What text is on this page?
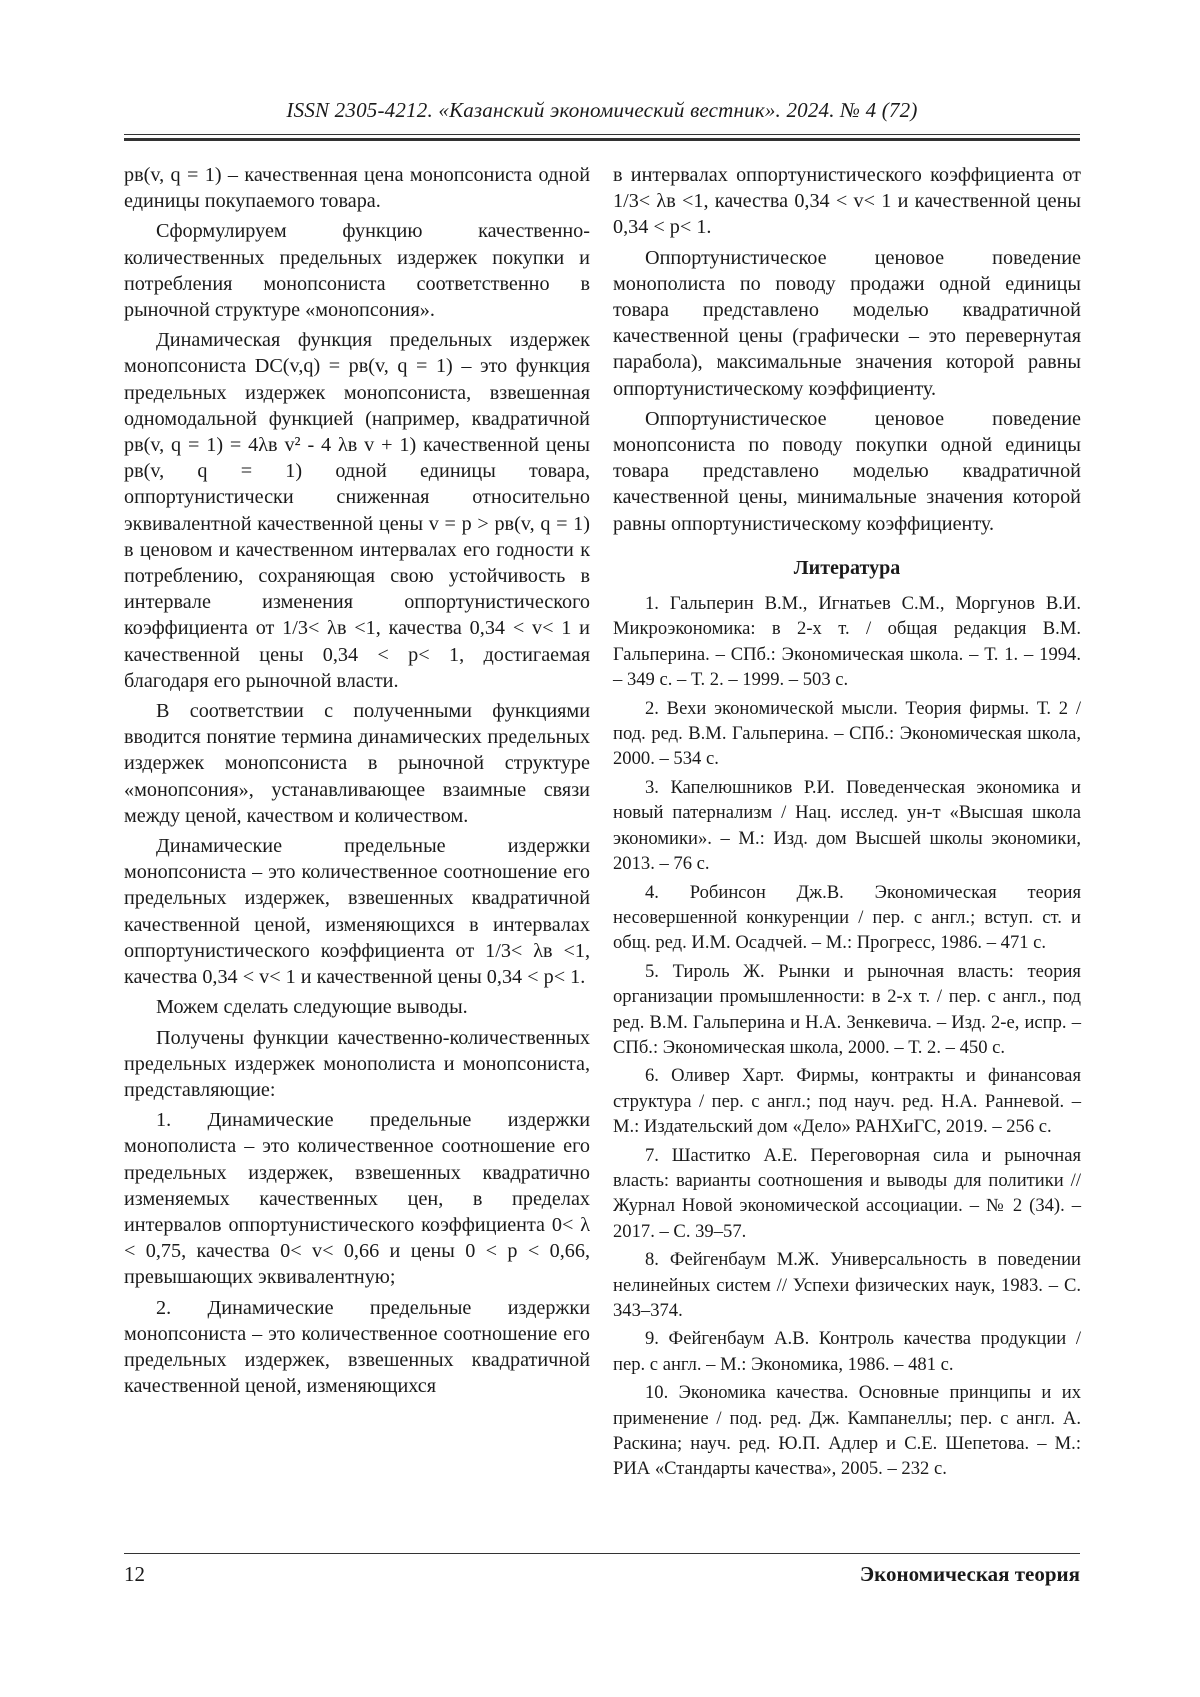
ISSN 2305-4212. «Казанский экономический вестник». 2024. № 4 (72)

рв(v, q = 1) – качественная цена монопсониста одной единицы покупаемого товара.

Сформулируем функцию качественно-количественных предельных издержек покупки и потребления монопсониста соответственно в рыночной структуре «монопсония».

Динамическая функция предельных издержек монопсониста DC(v,q) = рв(v, q = 1) – это функция предельных издержек монопсониста, взвешенная одномодальной функцией (например, квадратичной рв(v, q = 1) = 4λв v² - 4 λв v + 1) качественной цены рв(v, q = 1) одной единицы товара, оппортунистически сниженная относительно эквивалентной качественной цены v = р > рв(v, q = 1) в ценовом и качественном интервалах его годности к потреблению, сохраняющая свою устойчивость в интервале изменения оппортунистического коэффициента от 1/3< λв <1, качества 0,34 < v< 1 и качественной цены 0,34 < р< 1, достигаемая благодаря его рыночной власти.

В соответствии с полученными функциями вводится понятие термина динамических предельных издержек монопсониста в рыночной структуре «монопсония», устанавливающее взаимные связи между ценой, качеством и количеством.

Динамические предельные издержки монопсониста – это количественное соотношение его предельных издержек, взвешенных квадратичной качественной ценой, изменяющихся в интервалах оппортунистического коэффициента от 1/3< λв <1, качества 0,34 < v< 1 и качественной цены 0,34 < р< 1.

Можем сделать следующие выводы.

Получены функции качественно-количественных предельных издержек монополиста и монопсониста, представляющие:

1. Динамические предельные издержки монополиста – это количественное соотношение его предельных издержек, взвешенных квадратично изменяемых качественных цен, в пределах интервалов оппортунистического коэффициента 0< λ < 0,75, качества 0< v< 0,66 и цены 0 < р < 0,66, превышающих эквивалентную;

2. Динамические предельные издержки монопсониста – это количественное соотношение его предельных издержек, взвешенных квадратичной качественной ценой, изменяющихся

в интервалах оппортунистического коэффициента от 1/3< λв <1, качества 0,34 < v< 1 и качественной цены 0,34 < р< 1.

Оппортунистическое ценовое поведение монополиста по поводу продажи одной единицы товара представлено моделью квадратичной качественной цены (графически – это перевернутая парабола), максимальные значения которой равны оппортунистическому коэффициенту.

Оппортунистическое ценовое поведение монопсониста по поводу покупки одной единицы товара представлено моделью квадратичной качественной цены, минимальные значения которой равны оппортунистическому коэффициенту.

Литература

1. Гальперин В.М., Игнатьев С.М., Моргунов В.И. Микроэкономика: в 2-х т. / общая редакция В.М. Гальперина. – СПб.: Экономическая школа. – Т. 1. – 1994. – 349 с. – Т. 2. – 1999. – 503 с.

2. Вехи экономической мысли. Теория фирмы. Т. 2 / под. ред. В.М. Гальперина. – СПб.: Экономическая школа, 2000. – 534 с.

3. Капелюшников Р.И. Поведенческая экономика и новый патернализм / Нац. исслед. ун-т «Высшая школа экономики». – М.: Изд. дом Высшей школы экономики, 2013. – 76 с.

4. Робинсон Дж.В. Экономическая теория несовершенной конкуренции / пер. с англ.; вступ. ст. и общ. ред. И.М. Осадчей. – М.: Прогресс, 1986. – 471 с.

5. Тироль Ж. Рынки и рыночная власть: теория организации промышленности: в 2-х т. / пер. с англ., под ред. В.М. Гальперина и Н.А. Зенкевича. – Изд. 2-е, испр. – СПб.: Экономическая школа, 2000. – Т. 2. – 450 с.

6. Оливер Харт. Фирмы, контракты и финансовая структура / пер. с англ.; под науч. ред. Н.А. Ранневой. – М.: Издательский дом «Дело» РАНХиГС, 2019. – 256 с.

7. Шаститко А.Е. Переговорная сила и рыночная власть: варианты соотношения и выводы для политики // Журнал Новой экономической ассоциации. – № 2 (34). – 2017. – С. 39–57.

8. Фейгенбаум М.Ж. Универсальность в поведении нелинейных систем // Успехи физических наук, 1983. – С. 343–374.

9. Фейгенбаум А.В. Контроль качества продукции / пер. с англ. – М.: Экономика, 1986. – 481 с.

10. Экономика качества. Основные принципы и их применение / под. ред. Дж. Кампанеллы; пер. с англ. А. Раскина; науч. ред. Ю.П. Адлер и С.Е. Шепетова. – М.: РИА «Стандарты качества», 2005. – 232 с.

12	Экономическая теория
